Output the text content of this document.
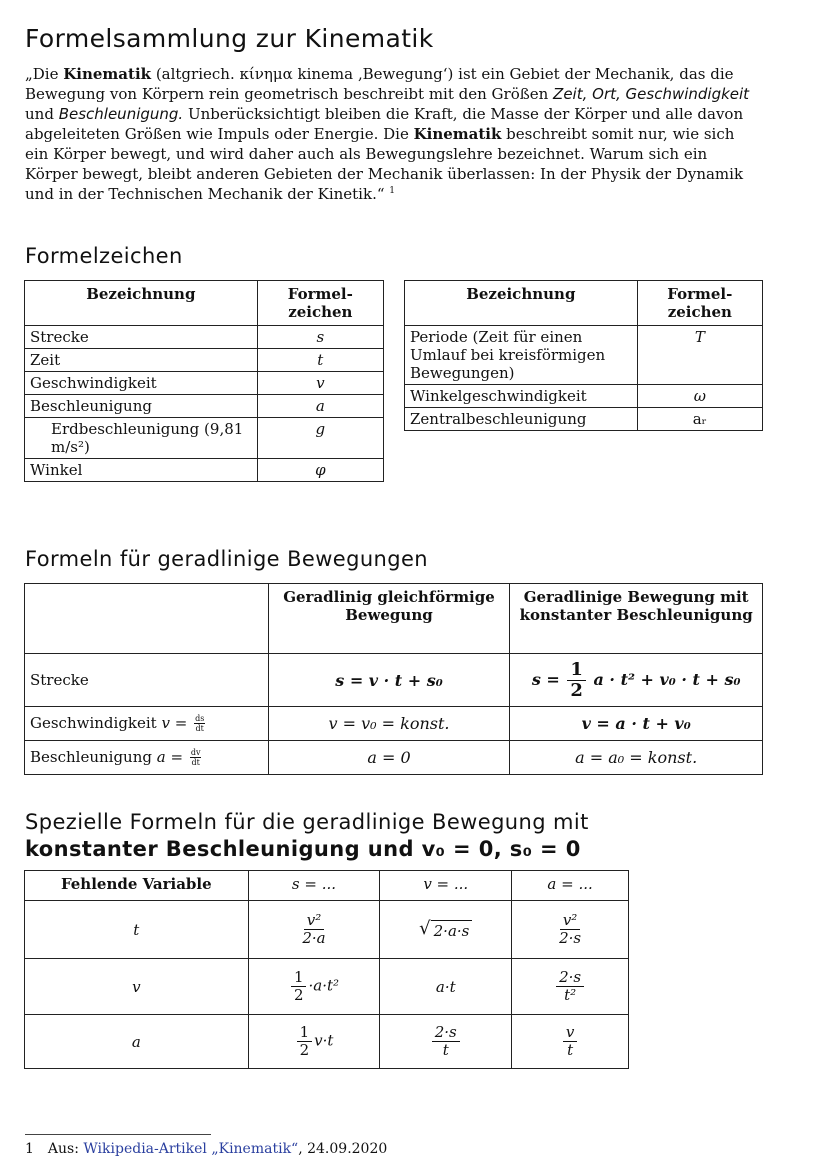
Formelsammlung zur Kinematik
„Die Kinematik (altgriech. κίνημα kinema ‚Bewegung‘) ist ein Gebiet der Mechanik, das die Bewegung von Körpern rein geometrisch beschreibt mit den Größen Zeit, Ort, Geschwindigkeit und Beschleunigung. Unberücksichtigt bleiben die Kraft, die Masse der Körper und alle davon abgeleiteten Größen wie Impuls oder Energie. Die Kinematik beschreibt somit nur, wie sich ein Körper bewegt, und wird daher auch als Bewegungslehre bezeichnet. Warum sich ein Körper bewegt, bleibt anderen Gebieten der Mechanik überlassen: In der Physik der Dynamik und in der Technischen Mechanik der Kinetik.“ $^1$
Formelzeichen
Bezeichnung	Formel-
zeichen
Strecke	s
Zeit	t
Geschwindigkeit	v
Beschleunigung	a
Erdbeschleunigung (9,81 m/s²)	g
Winkel	φ
Bezeichnung	Formel-
zeichen
Periode (Zeit für einen Umlauf bei kreisförmigen Bewegungen)	T
Winkelgeschwindigkeit	ω
Zentralbeschleunigung	aᵣ
Formeln für geradlinige Bewegungen
	Geradlinig gleichförmige Bewegung	Geradlinige Bewegung mit konstanter Beschleunigung
Strecke	s = v · t + s₀	$s = \frac{1}{2}$ a · t² + v₀ · t + s₀
Geschwindigkeit $v = \frac{ds}{dt}$	v = v₀ = konst.	v = a · t + v₀
Beschleunigung $a = \frac{dv}{dt}$	a = 0	a = a₀ = konst.
Spezielle Formeln für die geradlinige Bewegung mit
konstanter Beschleunigung und v₀ = 0, s₀ = 0
Fehlende Variable	s = ...	v = ...	a = ...
t	$\frac{\text{v²}}{2\cdot a}$	√ 2·a·s	$\frac{\text{v²}}{2\cdot s}$

v	$\frac{1}{2} \cdot a\cdot t^2$	a·t	$\frac{2\cdot s}{\text{t²}}$

a	$\frac{1}{2} v\cdot t$	$\frac{2\cdot s}{t}$	$\frac{v}{t}$
1 Aus: Wikipedia-Artikel „Kinematik“, 24.09.2020
